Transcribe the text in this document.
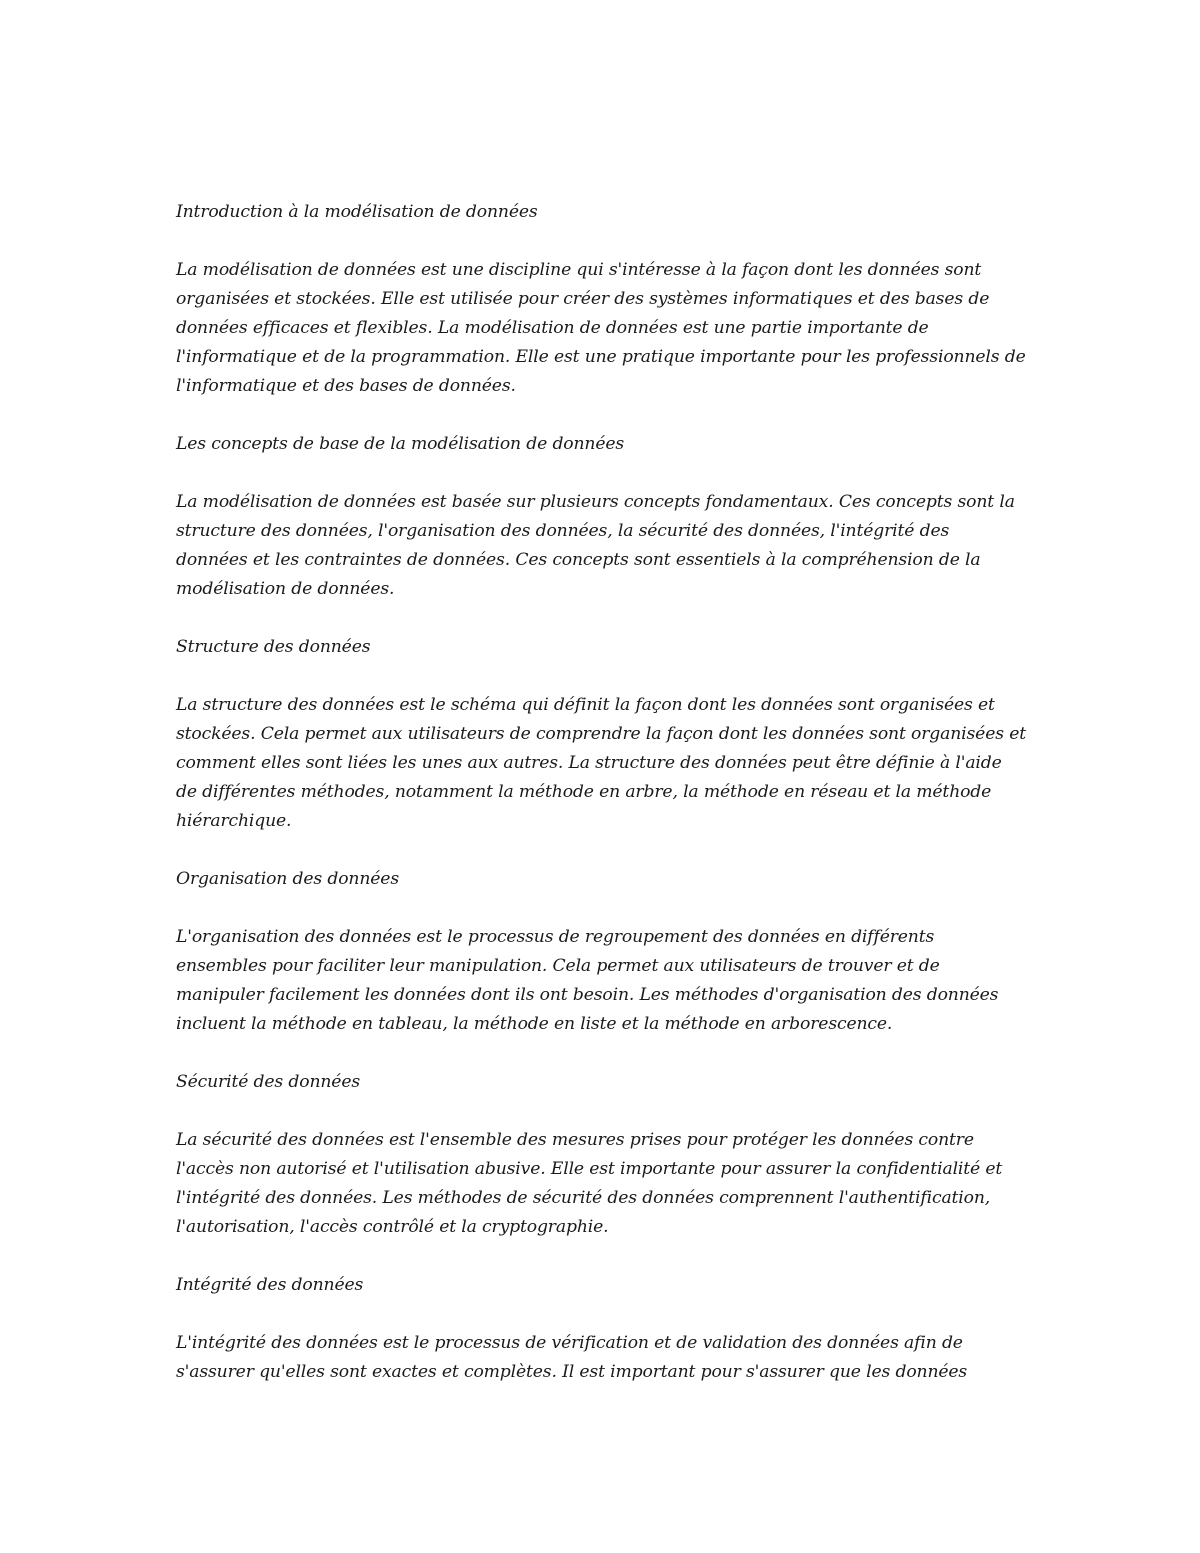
Introduction à la modélisation de données

La modélisation de données est une discipline qui s'intéresse à la façon dont les données sont organisées et stockées. Elle est utilisée pour créer des systèmes informatiques et des bases de données efficaces et flexibles. La modélisation de données est une partie importante de l'informatique et de la programmation. Elle est une pratique importante pour les professionnels de l'informatique et des bases de données.

Les concepts de base de la modélisation de données

La modélisation de données est basée sur plusieurs concepts fondamentaux. Ces concepts sont la structure des données, l'organisation des données, la sécurité des données, l'intégrité des données et les contraintes de données. Ces concepts sont essentiels à la compréhension de la modélisation de données.

Structure des données

La structure des données est le schéma qui définit la façon dont les données sont organisées et stockées. Cela permet aux utilisateurs de comprendre la façon dont les données sont organisées et comment elles sont liées les unes aux autres. La structure des données peut être définie à l'aide de différentes méthodes, notamment la méthode en arbre, la méthode en réseau et la méthode hiérarchique.

Organisation des données

L'organisation des données est le processus de regroupement des données en différents ensembles pour faciliter leur manipulation. Cela permet aux utilisateurs de trouver et de manipuler facilement les données dont ils ont besoin. Les méthodes d'organisation des données incluent la méthode en tableau, la méthode en liste et la méthode en arborescence.

Sécurité des données

La sécurité des données est l'ensemble des mesures prises pour protéger les données contre l'accès non autorisé et l'utilisation abusive. Elle est importante pour assurer la confidentialité et l'intégrité des données. Les méthodes de sécurité des données comprennent l'authentification, l'autorisation, l'accès contrôlé et la cryptographie.

Intégrité des données

L'intégrité des données est le processus de vérification et de validation des données afin de s'assurer qu'elles sont exactes et complètes. Il est important pour s'assurer que les données
